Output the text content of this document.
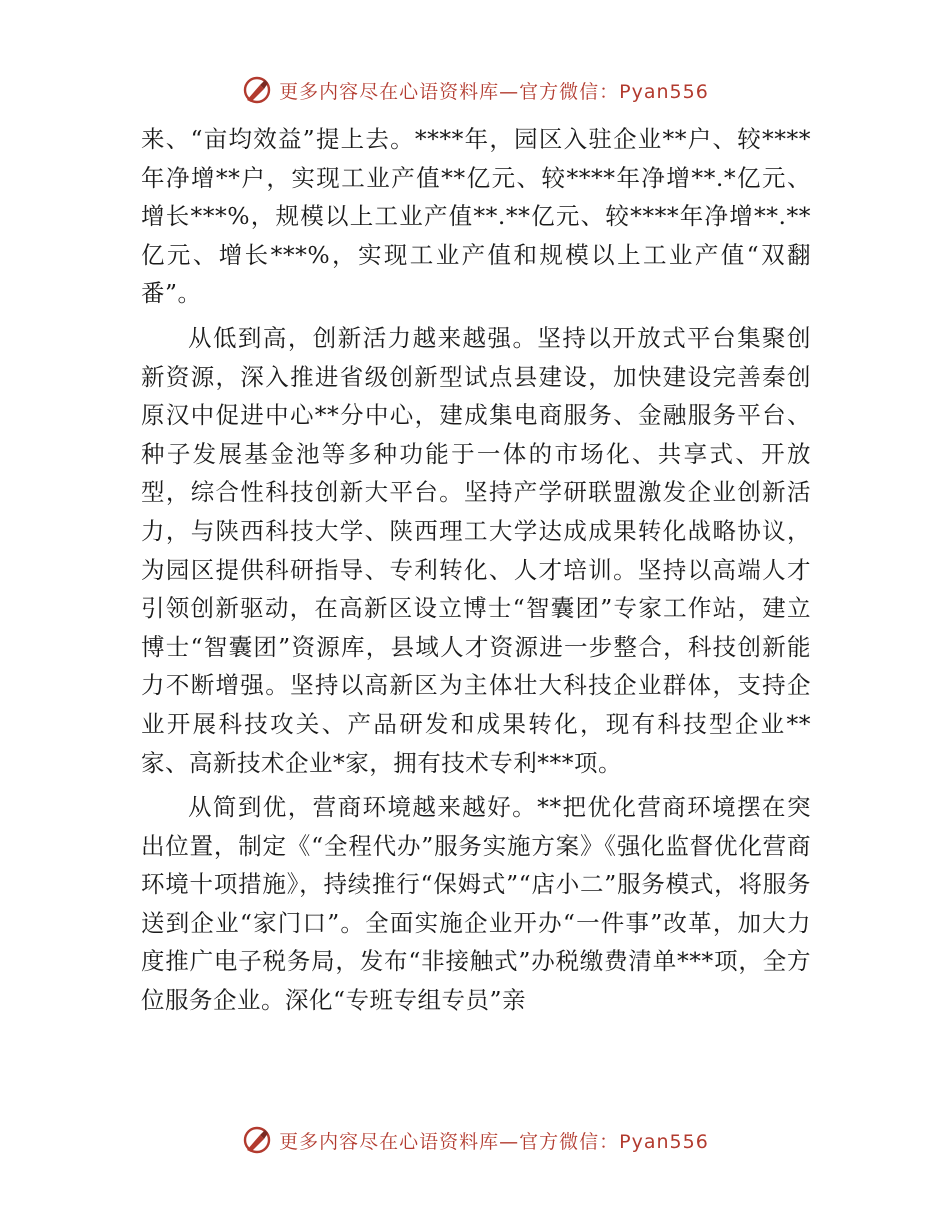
更多内容尽在心语资料库—官方微信：Pyan556

来、“亩均效益”提上去。****年，园区入驻企业**户、较****年净增**户，实现工业产值**亿元、较****年净增**.*亿元、增长***%，规模以上工业产值**.**亿元、较****年净增**.**亿元、增长***%，实现工业产值和规模以上工业产值“双翻番”。

从低到高，创新活力越来越强。坚持以开放式平台集聚创新资源，深入推进省级创新型试点县建设，加快建设完善秦创原汉中促进中心**分中心，建成集电商服务、金融服务平台、种子发展基金池等多种功能于一体的市场化、共享式、开放型，综合性科技创新大平台。坚持产学研联盟激发企业创新活力，与陕西科技大学、陕西理工大学达成成果转化战略协议，为园区提供科研指导、专利转化、人才培训。坚持以高端人才引领创新驱动，在高新区设立博士“智囊团”专家工作站，建立博士“智囊团”资源库，县域人才资源进一步整合，科技创新能力不断增强。坚持以高新区为主体壮大科技企业群体，支持企业开展科技攻关、产品研发和成果转化，现有科技型企业**家、高新技术企业*家，拥有技术专利***项。

从简到优，营商环境越来越好。**把优化营商环境摆在突出位置，制定《“全程代办”服务实施方案》《强化监督优化营商环境十项措施》，持续推行“保姆式”“店小二”服务模式，将服务送到企业“家门口”。全面实施企业开办“一件事”改革，加大力度推广电子税务局，发布“非接触式”办税缴费清单***项，全方位服务企业。深化“专班专组专员”亲

更多内容尽在心语资料库—官方微信：Pyan556
